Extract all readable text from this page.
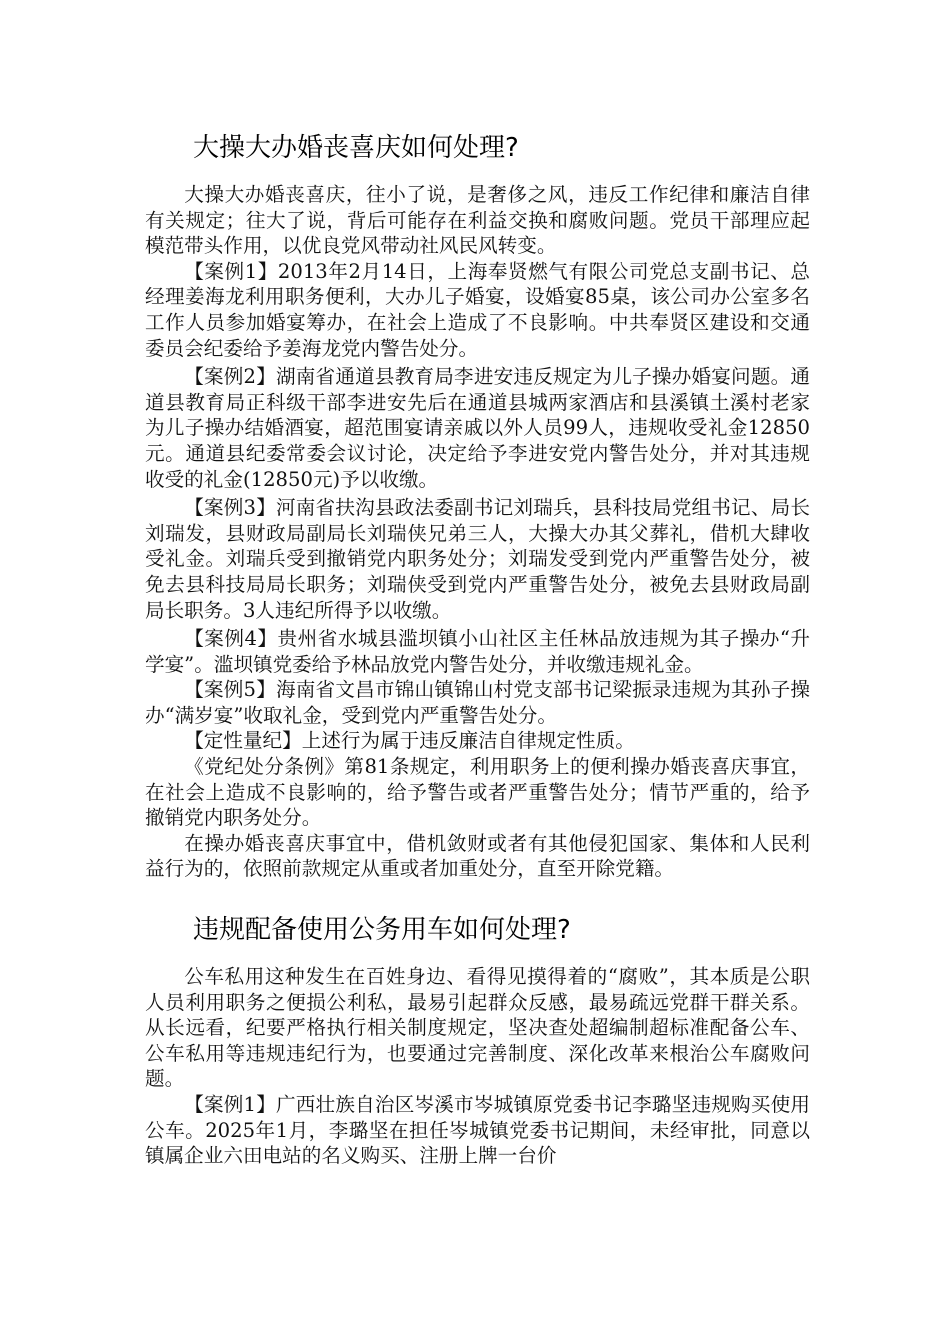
大操大办婚丧喜庆如何处理?

大操大办婚丧喜庆，往小了说，是奢侈之风，违反工作纪律和廉洁自律有关规定；往大了说，背后可能存在利益交换和腐败问题。党员干部理应起模范带头作用，以优良党风带动社风民风转变。

【案例1】2013年2月14日，上海奉贤燃气有限公司党总支副书记、总经理姜海龙利用职务便利，大办儿子婚宴，设婚宴85桌，该公司办公室多名工作人员参加婚宴筹办，在社会上造成了不良影响。中共奉贤区建设和交通委员会纪委给予姜海龙党内警告处分。

【案例2】湖南省通道县教育局李进安违反规定为儿子操办婚宴问题。通道县教育局正科级干部李进安先后在通道县城两家酒店和县溪镇土溪村老家为儿子操办结婚酒宴，超范围宴请亲戚以外人员99人，违规收受礼金12850元。通道县纪委常委会议讨论，决定给予李进安党内警告处分，并对其违规收受的礼金(12850元)予以收缴。

【案例3】河南省扶沟县政法委副书记刘瑞兵，县科技局党组书记、局长刘瑞发，县财政局副局长刘瑞侠兄弟三人，大操大办其父葬礼，借机大肆收受礼金。刘瑞兵受到撤销党内职务处分；刘瑞发受到党内严重警告处分，被免去县科技局局长职务；刘瑞侠受到党内严重警告处分，被免去县财政局副局长职务。3人违纪所得予以收缴。

【案例4】贵州省水城县滥坝镇小山社区主任林品放违规为其子操办“升学宴”。滥坝镇党委给予林品放党内警告处分，并收缴违规礼金。

【案例5】海南省文昌市锦山镇锦山村党支部书记梁振录违规为其孙子操办“满岁宴”收取礼金，受到党内严重警告处分。

【定性量纪】上述行为属于违反廉洁自律规定性质。

《党纪处分条例》第81条规定，利用职务上的便利操办婚丧喜庆事宜，在社会上造成不良影响的，给予警告或者严重警告处分；情节严重的，给予撤销党内职务处分。

在操办婚丧喜庆事宜中，借机敛财或者有其他侵犯国家、集体和人民利益行为的，依照前款规定从重或者加重处分，直至开除党籍。

违规配备使用公务用车如何处理?

公车私用这种发生在百姓身边、看得见摸得着的“腐败”，其本质是公职人员利用职务之便损公利私，最易引起群众反感，最易疏远党群干群关系。从长远看，纪要严格执行相关制度规定，坚决查处超编制超标准配备公车、公车私用等违规违纪行为，也要通过完善制度、深化改革来根治公车腐败问题。

【案例1】广西壮族自治区岑溪市岑城镇原党委书记李璐坚违规购买使用公车。2025年1月，李璐坚在担任岑城镇党委书记期间，未经审批，同意以镇属企业六田电站的名义购买、注册上牌一台价
